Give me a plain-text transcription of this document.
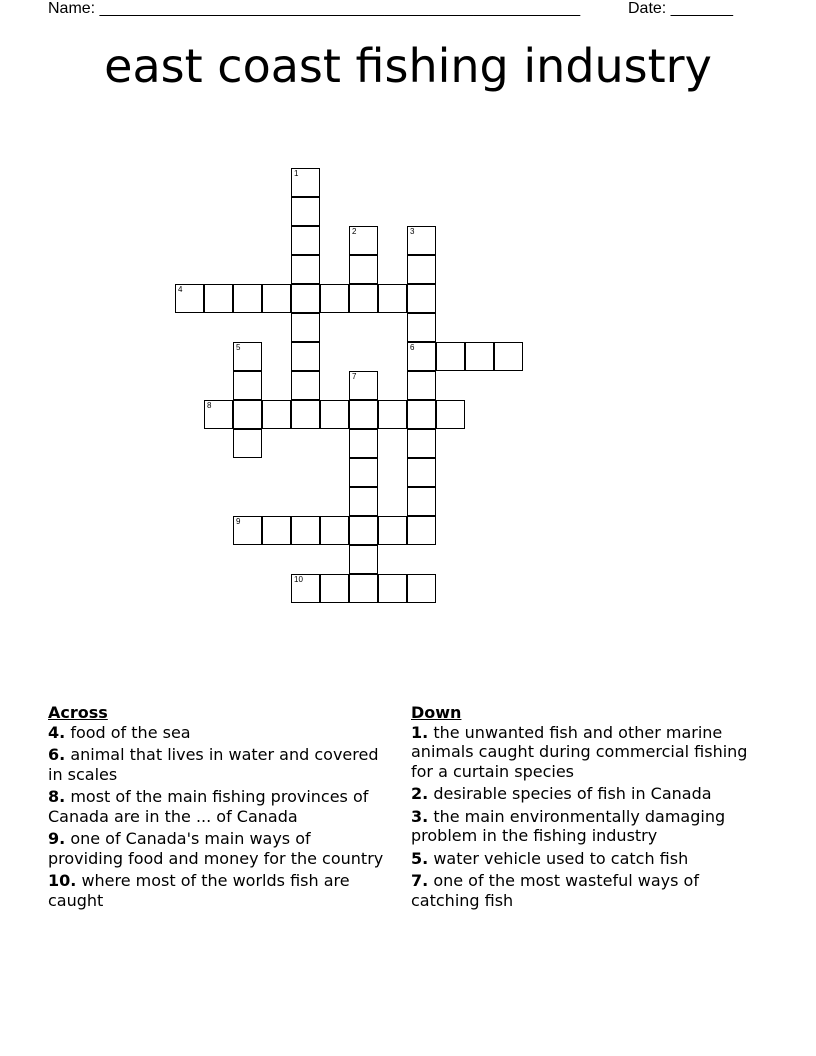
Name: ______________________________________________________	Date: _______
east coast fishing industry
1
2	3
6
4
5
7
8
9
10
Across
4. food of the sea
6. animal that lives in water and covered in scales
8. most of the main fishing provinces of Canada are in the ... of Canada
9. one of Canada's main ways of providing food and money for the country
10. where most of the worlds fish are caught
Down
1. the unwanted fish and other marine animals caught during commercial fishing for a curtain species
2. desirable species of fish in Canada
3. the main environmentally damaging problem in the fishing industry
5. water vehicle used to catch fish
7. one of the most wasteful ways of catching fish
